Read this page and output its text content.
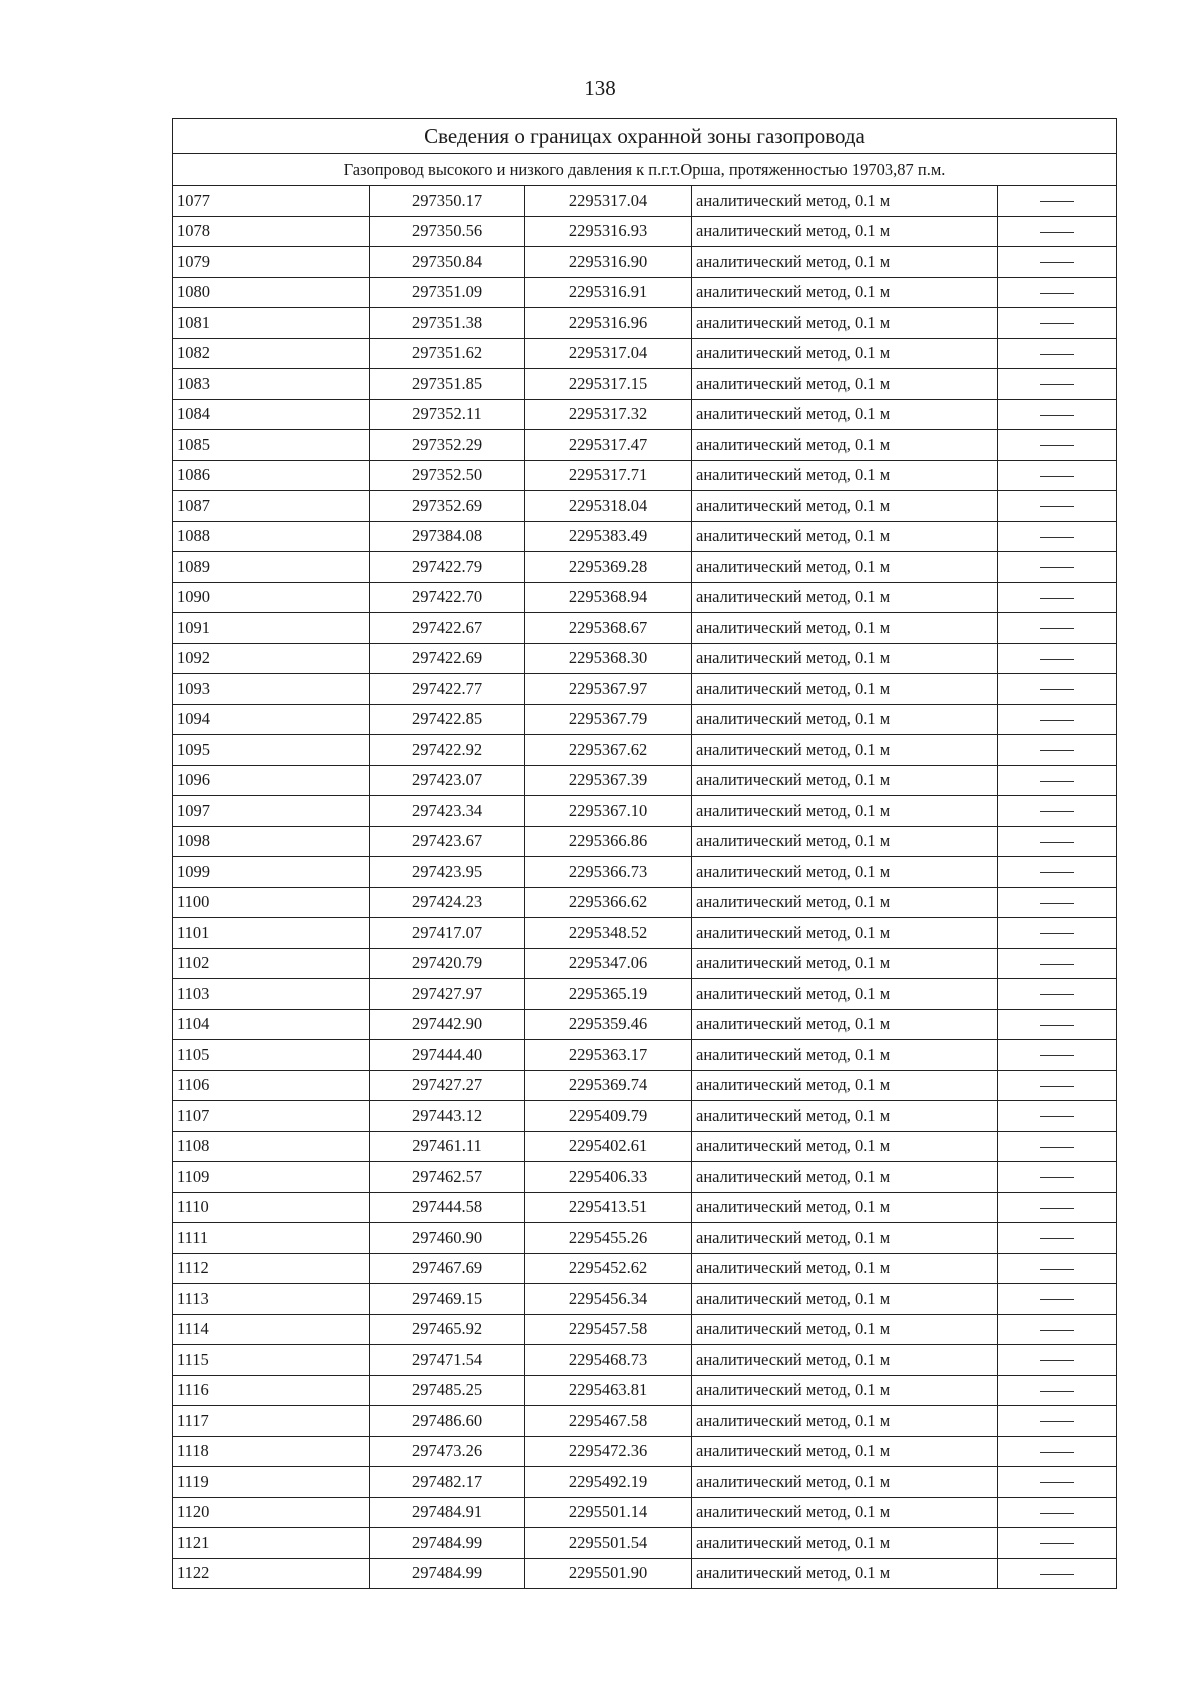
138
Сведения о границах охранной зоны газопровода				
Газопровод высокого и низкого давления к п.г.т.Орша, протяженностью 19703,87 п.м.				
1077	297350.17	2295317.04	аналитический метод, 0.1 м	
1078	297350.56	2295316.93	аналитический метод, 0.1 м	
1079	297350.84	2295316.90	аналитический метод, 0.1 м	
1080	297351.09	2295316.91	аналитический метод, 0.1 м	
1081	297351.38	2295316.96	аналитический метод, 0.1 м	
1082	297351.62	2295317.04	аналитический метод, 0.1 м	
1083	297351.85	2295317.15	аналитический метод, 0.1 м	
1084	297352.11	2295317.32	аналитический метод, 0.1 м	
1085	297352.29	2295317.47	аналитический метод, 0.1 м	
1086	297352.50	2295317.71	аналитический метод, 0.1 м	
1087	297352.69	2295318.04	аналитический метод, 0.1 м	
1088	297384.08	2295383.49	аналитический метод, 0.1 м	
1089	297422.79	2295369.28	аналитический метод, 0.1 м	
1090	297422.70	2295368.94	аналитический метод, 0.1 м	
1091	297422.67	2295368.67	аналитический метод, 0.1 м	
1092	297422.69	2295368.30	аналитический метод, 0.1 м	
1093	297422.77	2295367.97	аналитический метод, 0.1 м	
1094	297422.85	2295367.79	аналитический метод, 0.1 м	
1095	297422.92	2295367.62	аналитический метод, 0.1 м	
1096	297423.07	2295367.39	аналитический метод, 0.1 м	
1097	297423.34	2295367.10	аналитический метод, 0.1 м	
1098	297423.67	2295366.86	аналитический метод, 0.1 м	
1099	297423.95	2295366.73	аналитический метод, 0.1 м	
1100	297424.23	2295366.62	аналитический метод, 0.1 м	
1101	297417.07	2295348.52	аналитический метод, 0.1 м	
1102	297420.79	2295347.06	аналитический метод, 0.1 м	
1103	297427.97	2295365.19	аналитический метод, 0.1 м	
1104	297442.90	2295359.46	аналитический метод, 0.1 м	
1105	297444.40	2295363.17	аналитический метод, 0.1 м	
1106	297427.27	2295369.74	аналитический метод, 0.1 м	
1107	297443.12	2295409.79	аналитический метод, 0.1 м	
1108	297461.11	2295402.61	аналитический метод, 0.1 м	
1109	297462.57	2295406.33	аналитический метод, 0.1 м	
1110	297444.58	2295413.51	аналитический метод, 0.1 м	
1111	297460.90	2295455.26	аналитический метод, 0.1 м	
1112	297467.69	2295452.62	аналитический метод, 0.1 м	
1113	297469.15	2295456.34	аналитический метод, 0.1 м	
1114	297465.92	2295457.58	аналитический метод, 0.1 м	
1115	297471.54	2295468.73	аналитический метод, 0.1 м	
1116	297485.25	2295463.81	аналитический метод, 0.1 м	
1117	297486.60	2295467.58	аналитический метод, 0.1 м	
1118	297473.26	2295472.36	аналитический метод, 0.1 м	
1119	297482.17	2295492.19	аналитический метод, 0.1 м	
1120	297484.91	2295501.14	аналитический метод, 0.1 м	
1121	297484.99	2295501.54	аналитический метод, 0.1 м	
1122	297484.99	2295501.90	аналитический метод, 0.1 м	
